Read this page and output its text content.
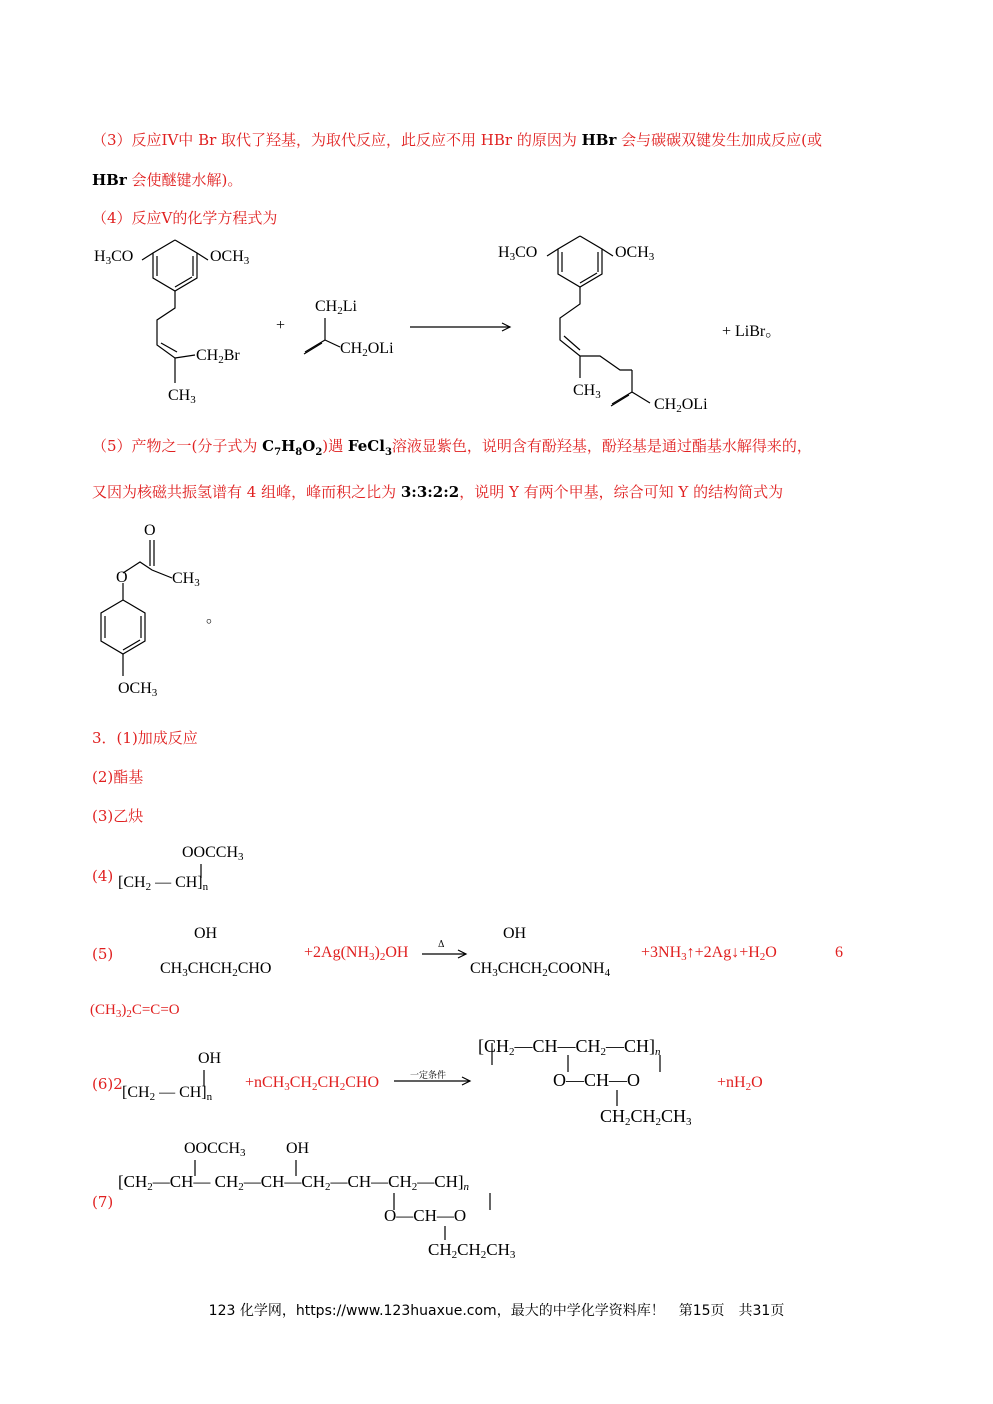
（3）反应IV中 Br 取代了羟基，为取代反应，此反应不用 HBr 的原因为 HBr 会与碳碳双键发生加成反应(或
HBr 会使醚键水解)。
（4）反应V的化学方程式为
$H_3CO$	$OCH_3$
$CH_2Br$
$CH_3$
+
$CH_2Li$
$CH_2OLi$
$H_3CO$	$OCH_3$
$CH_3$
$CH_2OLi$
+ LiBr。
（5）产物之一(分子式为 $C_7H_8O_2$)遇 FeCl$_3$溶液显紫色，说明含有酚羟基，酚羟基是通过酯基水解得来的，
又因为核磁共振氢谱有 4 组峰，峰而积之比为 3:3:2:2，说明 Y 有两个甲基，综合可知 Y 的结构简式为
O
O	$CH_3$
。
$OCH_3$
3．(1)加成反应
(2)酯基
(3)乙炔
(4)
$OOCCH_3$
[$CH_2$ — $CH]_n$
(5)
OH
$CH_3CHCH_2CHO$
$+2Ag(NH_3)_2OH$	Δ
OH
$CH_3CHCH_2COONH_4$
$+3NH_3↑+2Ag↓+H_2O$	6
$(CH_3)_2C=C=O$
(6)2
OH
[$CH_2$ — $CH]_n$
$+nCH_3CH_2CH_2CHO$	一定条件
$[CH_2—CH—CH_2—CH]_n$
O—CH—O
$CH_2CH_2CH_3$
$+nH_2O$
(7)
$OOCCH_3$	OH
[$CH_2—CH—$ $CH_2—CH—CH_2—CH—CH_2—CH]_n$
O—CH—O
$CH_2CH_2CH_3$
123 化学网，https://www.123huaxue.com，最大的中学化学资料库！　第15页　共31页
